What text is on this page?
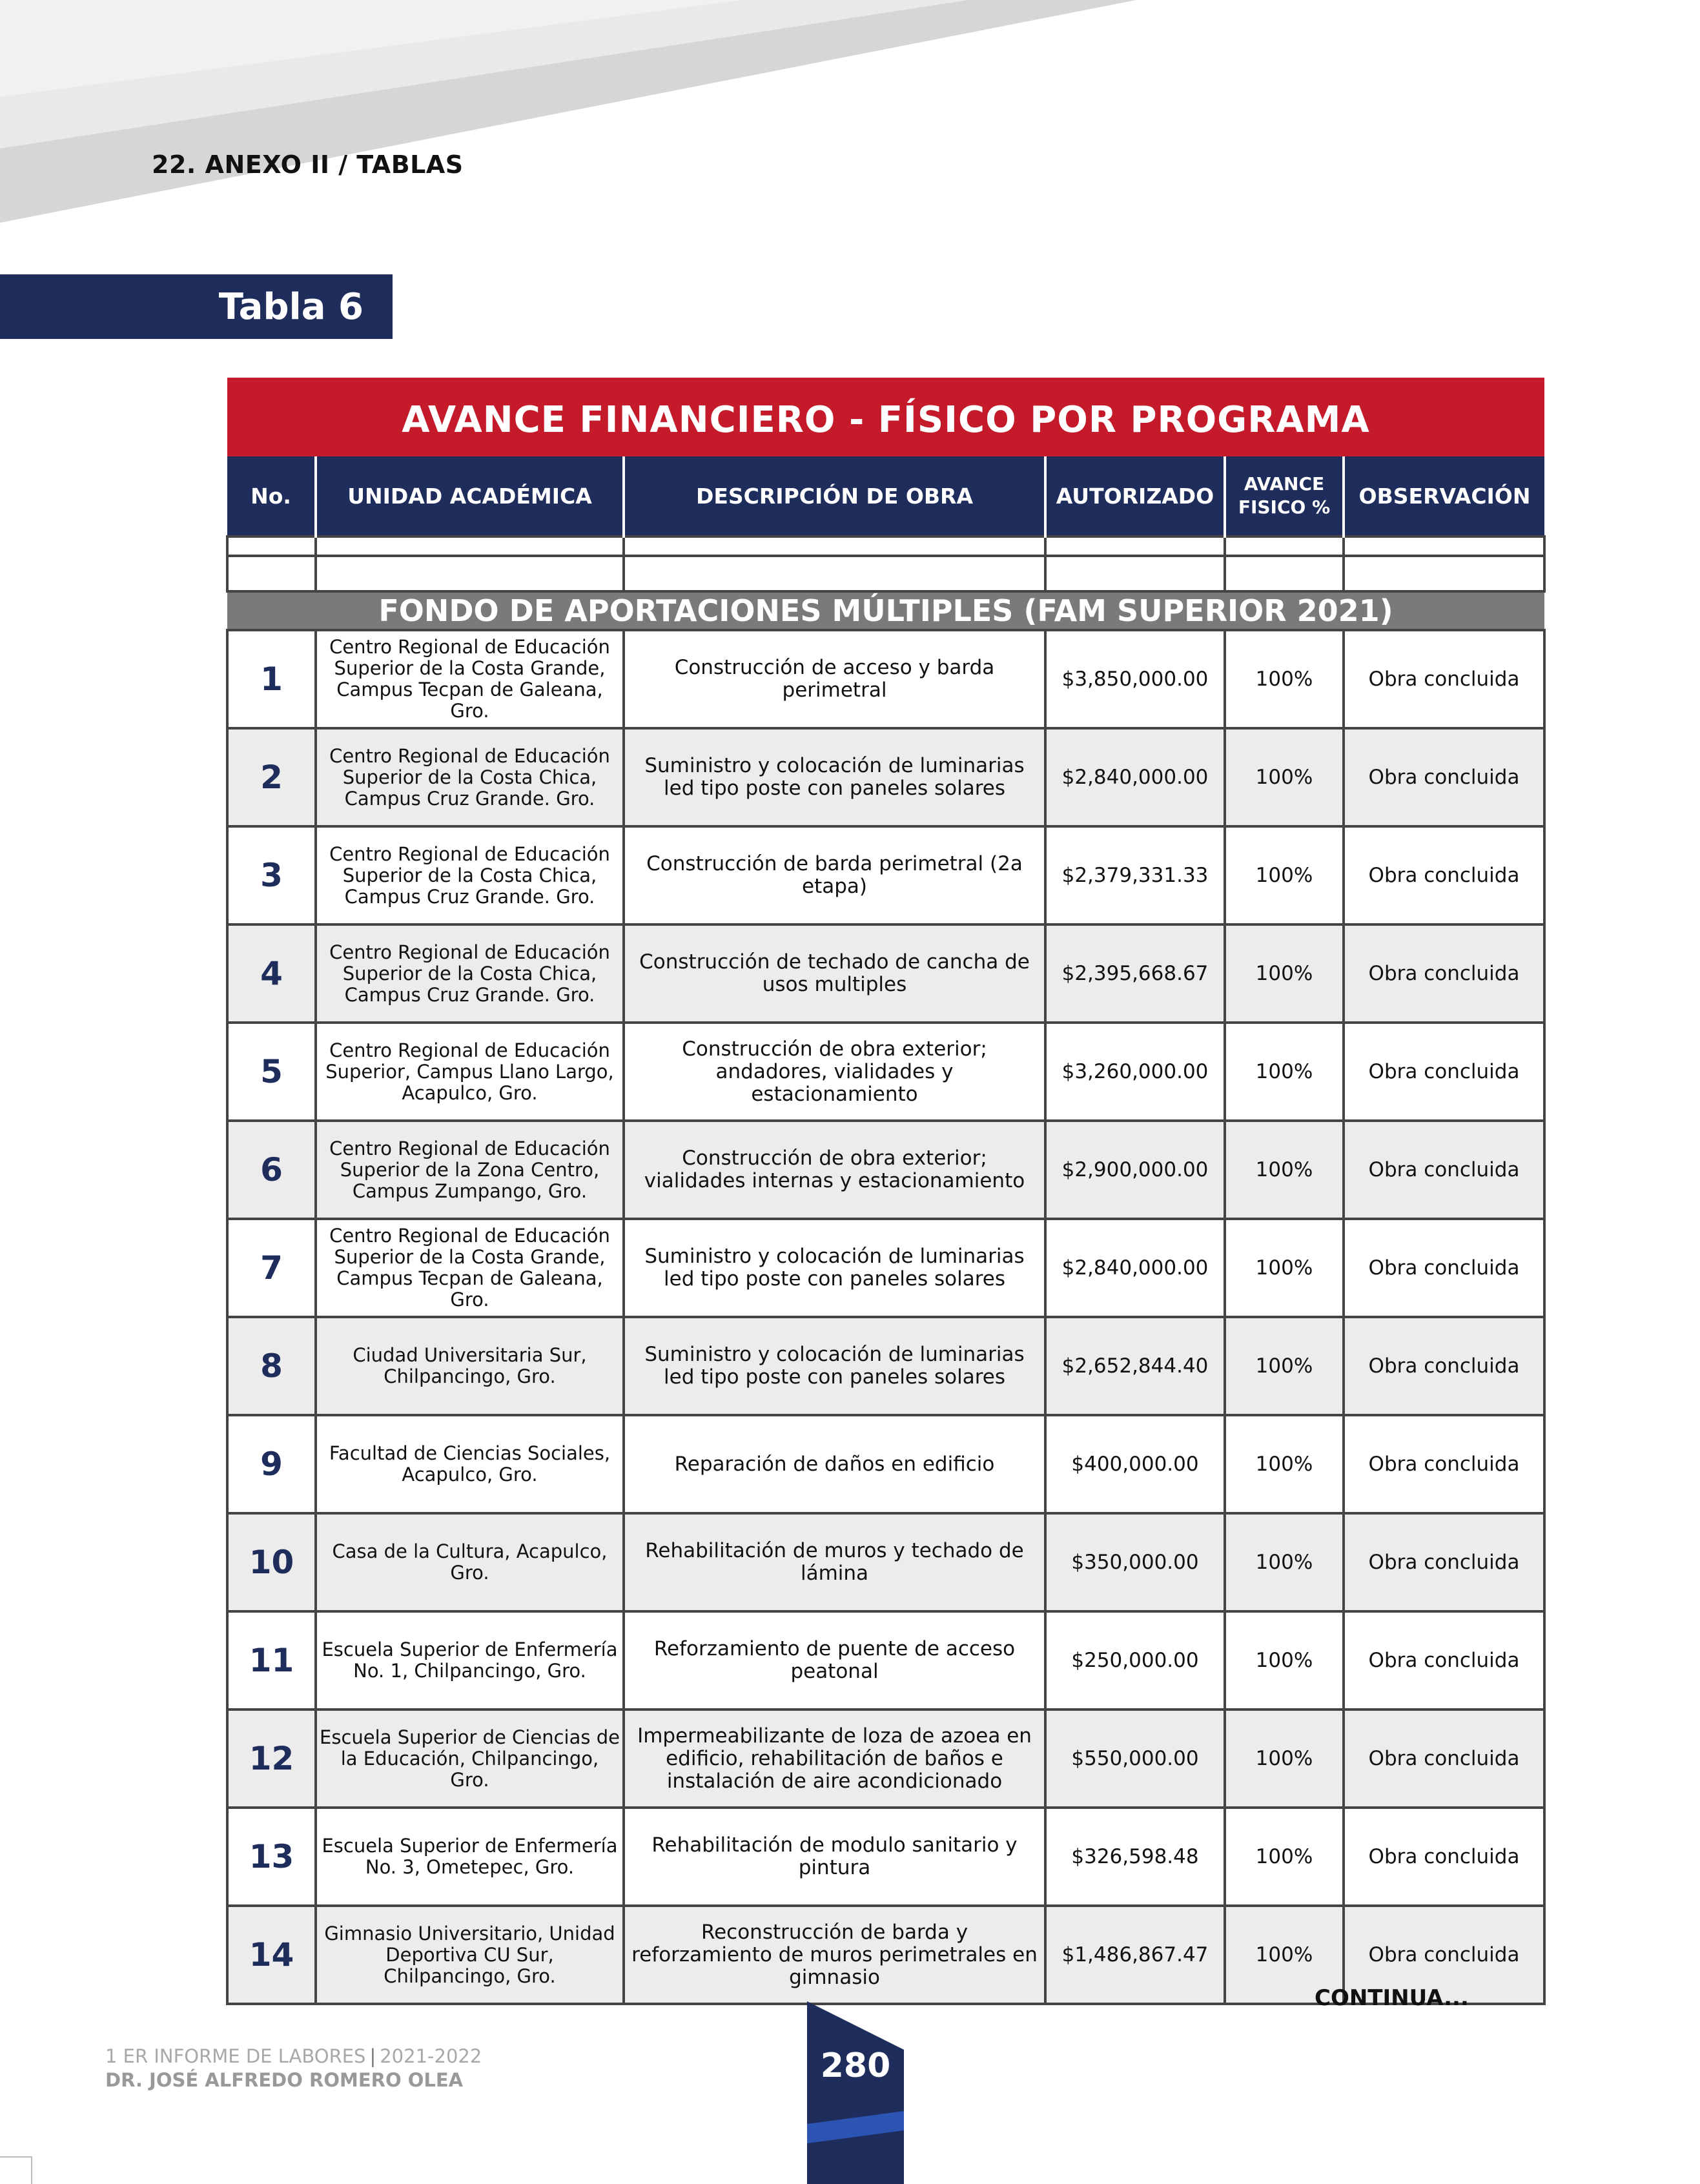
22. ANEXO II / TABLAS
Tabla 6
AVANCE FINANCIERO - FÍSICO POR PROGRAMA					
No.	UNIDAD ACADÉMICA	DESCRIPCIÓN DE OBRA	AUTORIZADO	AVANCE FISICO %	OBSERVACIÓN

FONDO DE APORTACIONES MÚLTIPLES (FAM SUPERIOR 2021)					
1	Centro Regional de Educación Superior de la Costa Grande, Campus Tecpan de Galeana, Gro.	Construcción de acceso y barda perimetral	$3,850,000.00	100%	Obra concluida
2	Centro Regional de Educación Superior de la Costa Chica, Campus Cruz Grande. Gro.	Suministro y colocación de luminarias led tipo poste con paneles solares	$2,840,000.00	100%	Obra concluida
3	Centro Regional de Educación Superior de la Costa Chica, Campus Cruz Grande. Gro.	Construcción de barda perimetral (2a etapa)	$2,379,331.33	100%	Obra concluida
4	Centro Regional de Educación Superior de la Costa Chica, Campus Cruz Grande. Gro.	Construcción de techado de cancha de usos multiples	$2,395,668.67	100%	Obra concluida
5	Centro Regional de Educación Superior, Campus Llano Largo, Acapulco, Gro.	Construcción de obra exterior; andadores, vialidades y estacionamiento	$3,260,000.00	100%	Obra concluida
6	Centro Regional de Educación Superior de la Zona Centro, Campus Zumpango, Gro.	Construcción de obra exterior; vialidades internas y estacionamiento	$2,900,000.00	100%	Obra concluida
7	Centro Regional de Educación Superior de la Costa Grande, Campus Tecpan de Galeana, Gro.	Suministro y colocación de luminarias led tipo poste con paneles solares	$2,840,000.00	100%	Obra concluida
8	Ciudad Universitaria Sur, Chilpancingo, Gro.	Suministro y colocación de luminarias led tipo poste con paneles solares	$2,652,844.40	100%	Obra concluida
9	Facultad de Ciencias Sociales, Acapulco, Gro.	Reparación de daños en edificio	$400,000.00	100%	Obra concluida
10	Casa de la Cultura, Acapulco, Gro.	Rehabilitación de muros y techado de lámina	$350,000.00	100%	Obra concluida
11	Escuela Superior de Enfermería No. 1, Chilpancingo, Gro.	Reforzamiento de puente de acceso peatonal	$250,000.00	100%	Obra concluida
12	Escuela Superior de Ciencias de la Educación, Chilpancingo, Gro.	Impermeabilizante de loza de azoea en edificio, rehabilitación de baños e instalación de aire acondicionado	$550,000.00	100%	Obra concluida
13	Escuela Superior de Enfermería No. 3, Ometepec, Gro.	Rehabilitación de modulo sanitario y pintura	$326,598.48	100%	Obra concluida
14	Gimnasio Universitario, Unidad Deportiva CU Sur, Chilpancingo, Gro.	Reconstrucción de barda y reforzamiento de muros perimetrales en gimnasio	$1,486,867.47	100%	Obra concluida
CONTINUA...
1 ER INFORME DE LABORES | 2021-2022
DR. JOSÉ ALFREDO ROMERO OLEA	280
